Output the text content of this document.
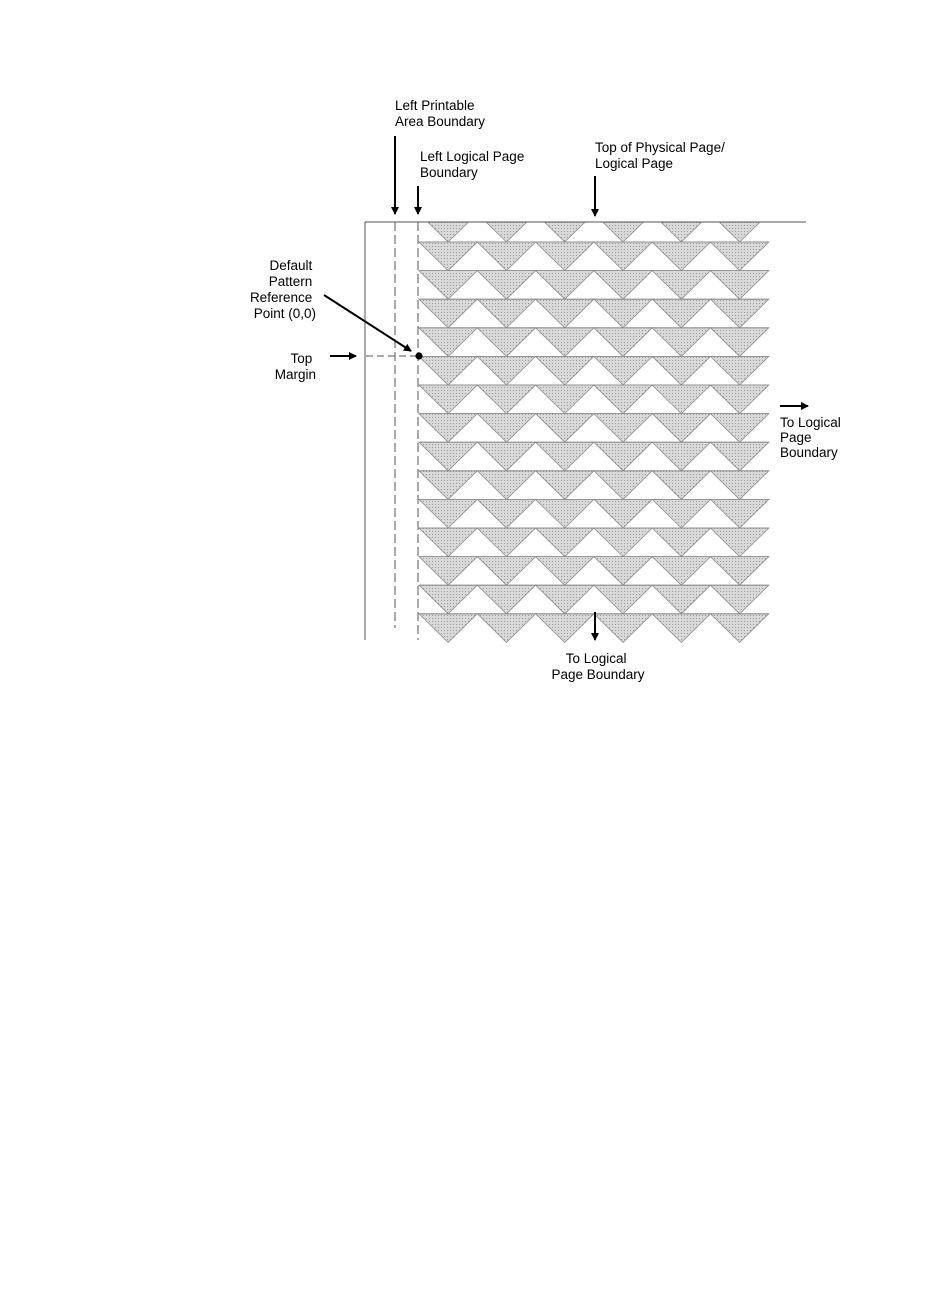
Left Printable Area Boundary
Left Logical Page Boundary
Top of Physical Page/ Logical Page
Default Pattern Reference Point (0,0)
Top Margin
To Logical Page Boundary
To Logical Page Boundary
